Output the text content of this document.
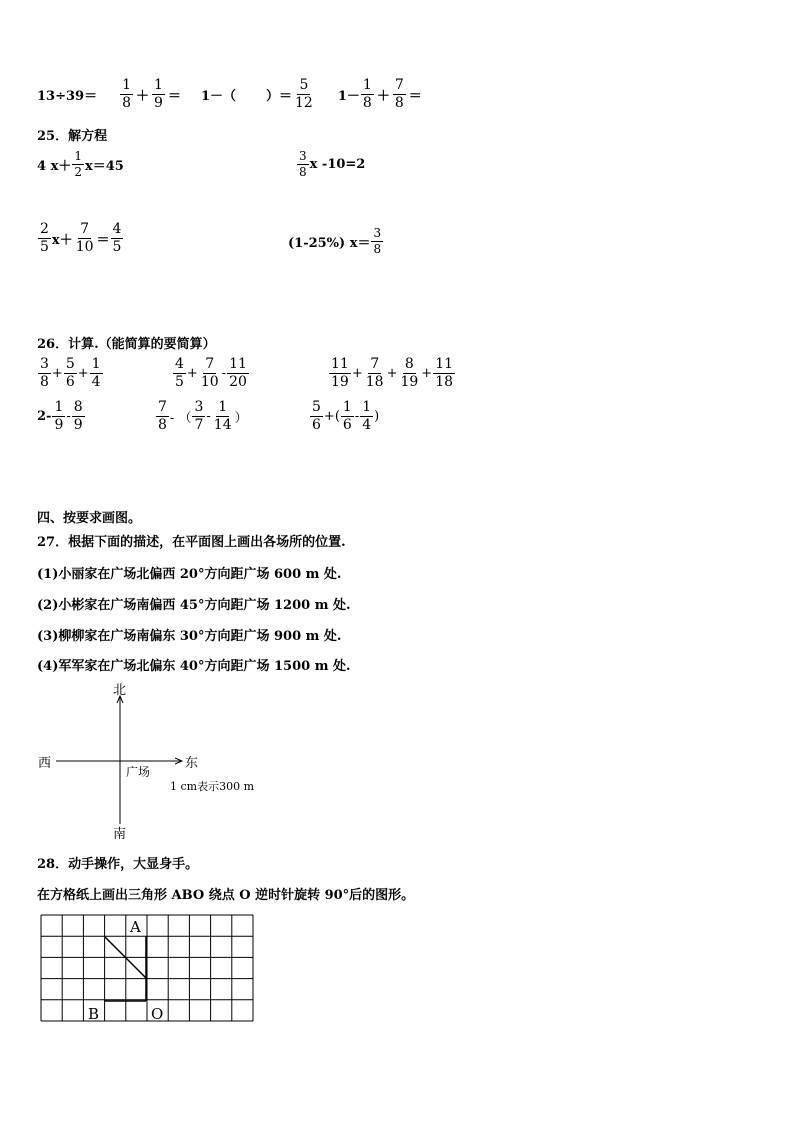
$13\div 39= \frac{1}{8} + \frac{1}{9} = 1-$（
　　 ）＝ $\frac{5}{12} 1- \frac{1}{8} + \frac{7}{8}$ ＝
25．解方程
4 $x+ \frac{1}{2} x=45$	$\frac{3}{8}$ x -10=2
$\frac{2}{5} x+ \frac{7}{10} = \frac{4}{5}$	(1-25%) $x= \frac{3}{8}$
26．计算.（能简算的要简算）
$\frac{3}{8} + \frac{5}{6} + \frac{1}{4}$	$\frac{4}{5} + \frac{7}{10} - \frac{11}{20}$	$\frac{11}{19} + \frac{7}{18} + \frac{8}{19} + \frac{11}{18}$
$2- \frac{1}{9} - \frac{8}{9}$	$\frac{7}{8}$ - （ $\frac{3}{7} - \frac{1}{14}$ ）	$\frac{5}{6}$ +( $\frac{1}{6} - \frac{1}{4}$ )
四、按要求画图。
27．根据下面的描述，在平面图上画出各场所的位置.
(1)小丽家在广场北偏西 20°方向距广场 600 m 处.
(2)小彬家在广场南偏西 45°方向距广场 1200 m 处.
(3)柳柳家在广场南偏东 30°方向距广场 900 m 处.
(4)军军家在广场北偏东 40°方向距广场 1500 m 处.
北
南
西	东
广场
1 cm表示300 m
28．动手操作，大显身手。
在方格纸上画出三角形 ABO 绕点 O 逆时针旋转 90°后的图形。
A
B	O
